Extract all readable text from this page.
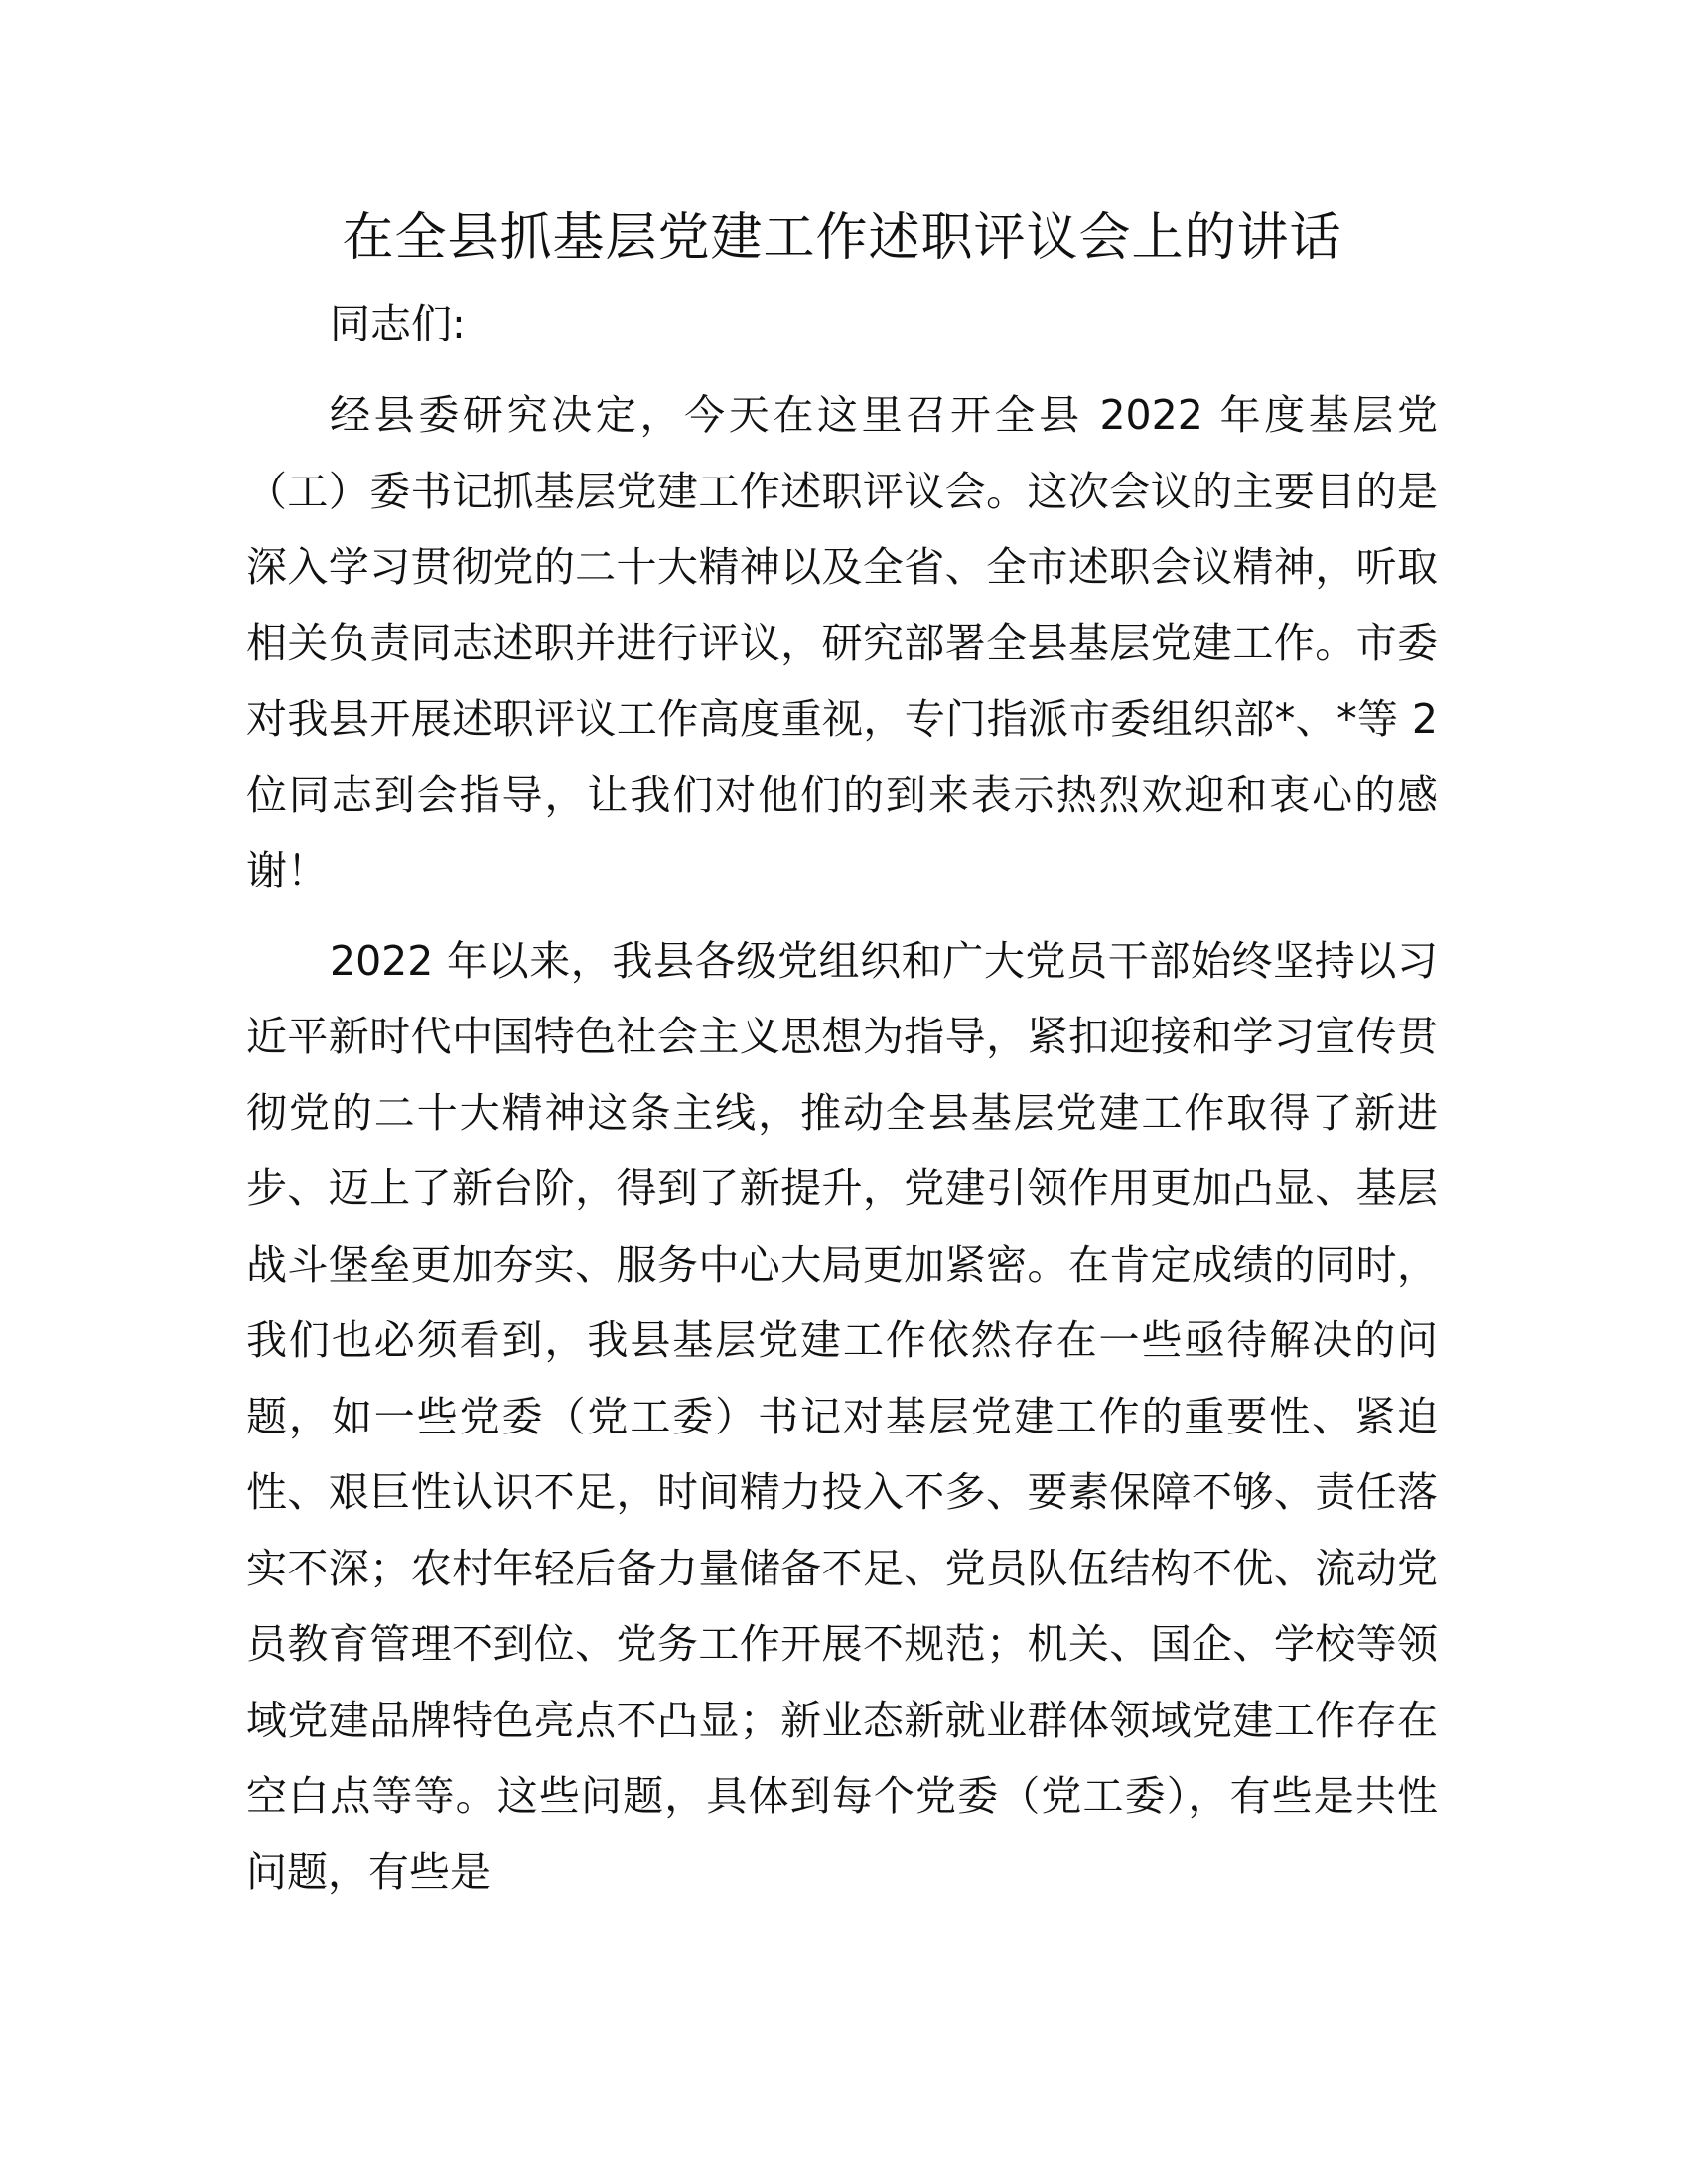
在全县抓基层党建工作述职评议会上的讲话

同志们:

经县委研究决定，今天在这里召开全县 2022 年度基层党（工）委书记抓基层党建工作述职评议会。这次会议的主要目的是深入学习贯彻党的二十大精神以及全省、全市述职会议精神，听取相关负责同志述职并进行评议，研究部署全县基层党建工作。市委对我县开展述职评议工作高度重视，专门指派市委组织部*、*等 2 位同志到会指导，让我们对他们的到来表示热烈欢迎和衷心的感谢！

2022 年以来，我县各级党组织和广大党员干部始终坚持以习近平新时代中国特色社会主义思想为指导，紧扣迎接和学习宣传贯彻党的二十大精神这条主线，推动全县基层党建工作取得了新进步、迈上了新台阶，得到了新提升，党建引领作用更加凸显、基层战斗堡垒更加夯实、服务中心大局更加紧密。在肯定成绩的同时，我们也必须看到，我县基层党建工作依然存在一些亟待解决的问题，如一些党委（党工委）书记对基层党建工作的重要性、紧迫性、艰巨性认识不足，时间精力投入不多、要素保障不够、责任落实不深；农村年轻后备力量储备不足、党员队伍结构不优、流动党员教育管理不到位、党务工作开展不规范；机关、国企、学校等领域党建品牌特色亮点不凸显；新业态新就业群体领域党建工作存在空白点等等。这些问题，具体到每个党委（党工委），有些是共性问题，有些是
